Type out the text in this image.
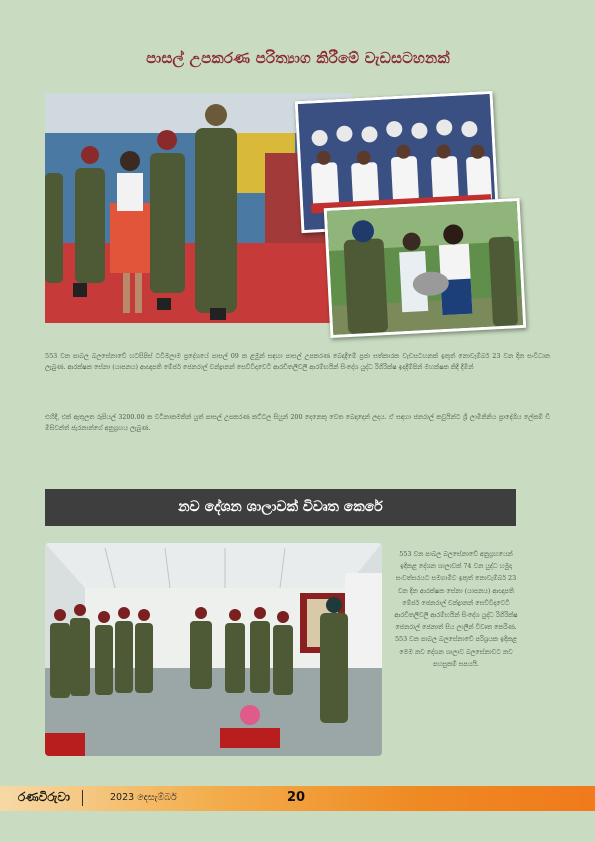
පාසල් උපකරණ පරිත්‍යාග කිරීමේ වැඩසටහනක්

553 වන පාබල බලසේනාවේ හටසිපිස් ටවිමලාම ප්‍රදේශයේ පාසල් 09 ක ළමුන් සඳහා පාසල් උපකරණ බෙදාදීමේ ප්‍රජා සත්කාරක වැඩසටහනක් ඉකුත් නොවැම්බර් 23 වන දින සංවිධාන ලැබුණ. ආරක්ෂක සේනා (යාපනය) ආඥාපති මේජර් ජෙනරාල් චන්ද්‍රානන් සෙව්විදාවෙටි ආරඩිතලිවලි ආරම්භයින් සිංදේශ යුද්ධ රිගිරික්ෂ ඉදාදීම්පින් මහක්ෂක කිදී දීමින්

එහිදී, එක් ඇතුලත රුපියල් 3200.00 ක වටිනාකමකින් යුත් පාසල් උපකරණ කට්ටල සියුන් 200 දෙනෙකු වෙත බෙදාදෙන් ලදය. ඒ සඳහා ජනරාල් කවුයින්ට ශ්‍රී ලාමිනිනිය ප්‍රාදේශිය ලේකම් ඩී මිසිවන්ත් ජැරනාන්ගේ අනුග්‍රහය ලැබුණ.

නව දේශන ශාලාවක් විවෘත කෙරේ

553 වන පාබල බලසේනාවේ අනුග්‍රහයෙන් ඉදිකළ දේශන ශාලාවක් 74 වන යුද්ධ හමුදා සංවත්සරයට සමගාමීව ඉකුත් නොවැම්බර් 23 වන දින ආරක්ෂක සේනා (යාපනය) ආඥාපති මේජර් ජෙනරාල් චන්ද්‍රානන් සෙව්විදාවෙටි ආරඩිතලිවලි ආරම්භයින් සිංදේශ යුද්ධ රිගිරික්ෂ ජෙනරාල් ජෙනාත් සිය ලාලින් විවෘත කෙරිණ. 553 වන පාබල බලසේනාවේ පරිශ්‍රයක ඉදිකළ මෙම නව දේශන ශාලාව බලසේනාවට නව පහසුකම් සපයයි.

රණවිරුවා	2023 දෙසැම්බර්	20
